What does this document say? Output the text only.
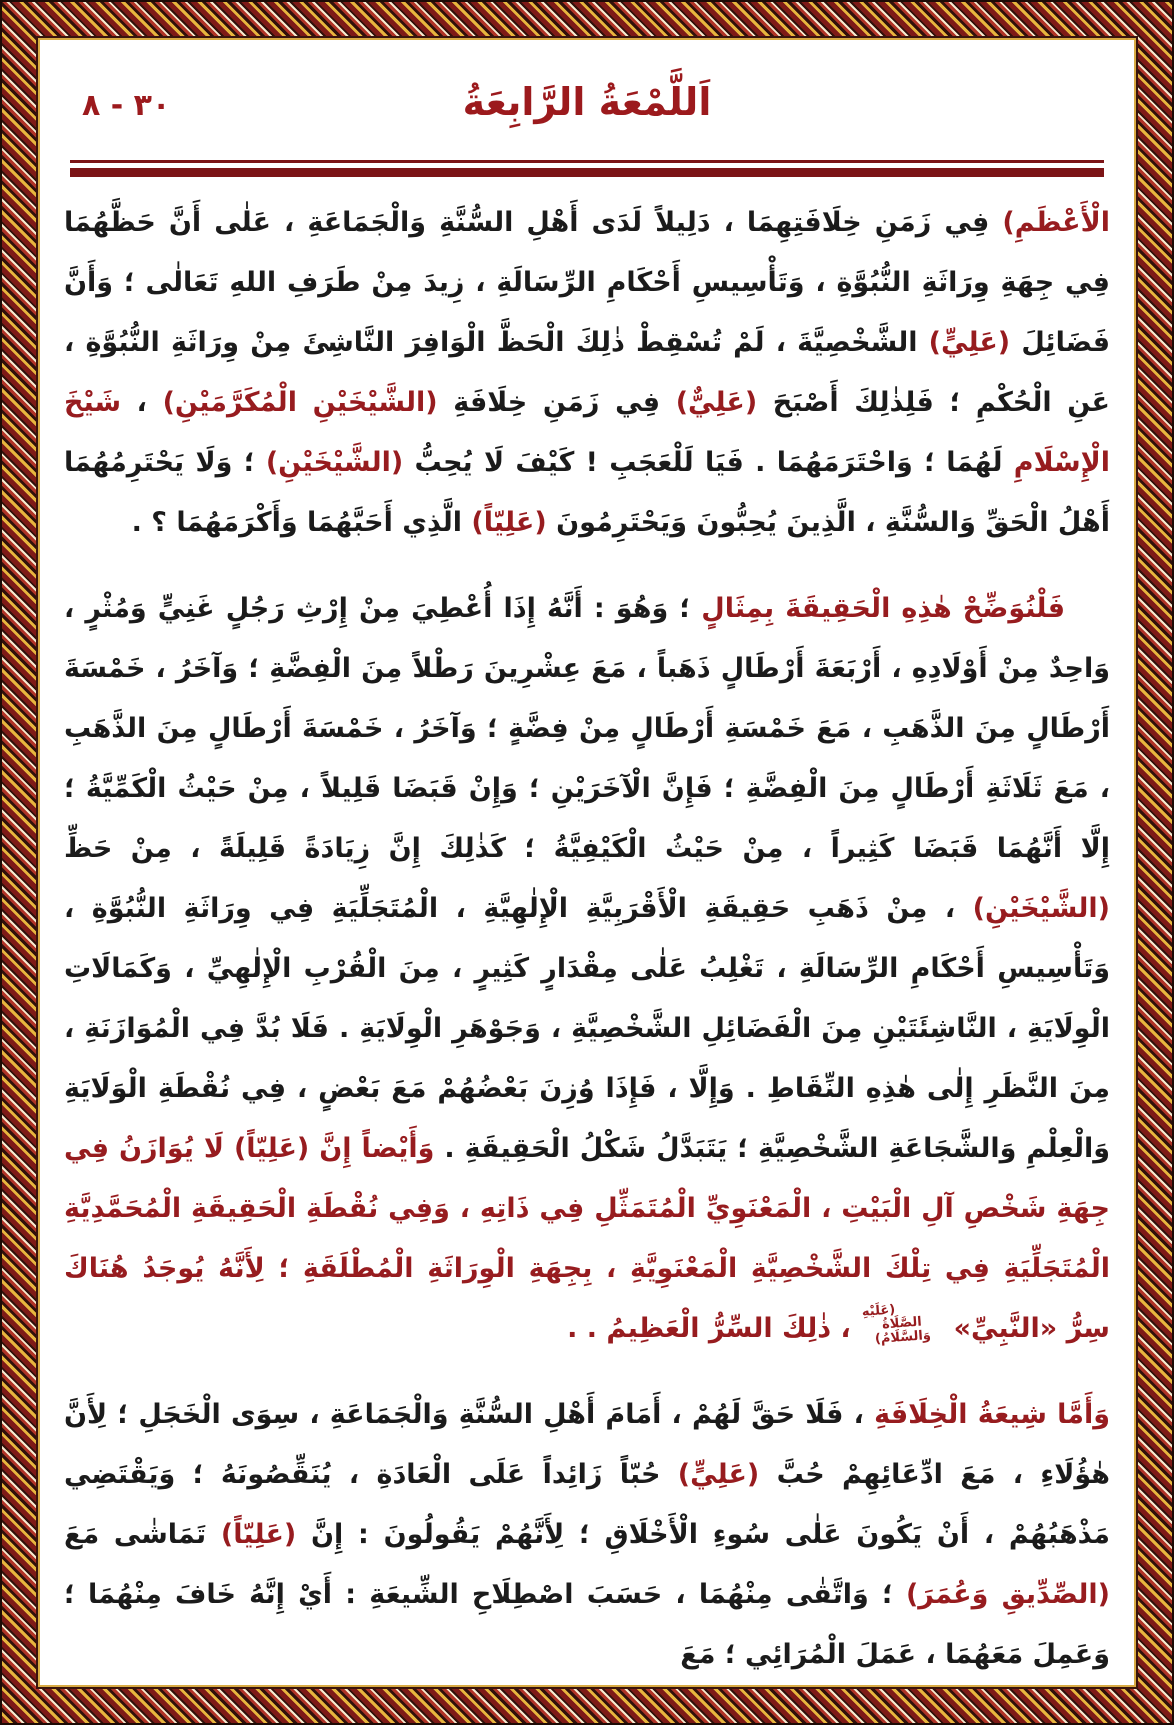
اَللَّمْعَةُ الرَّابِعَةُ
٣٠ - ٨

الْأَعْظَمِ) فِي زَمَنِ خِلَافَتِهِمَا ، دَلِيلاً لَدَى أَهْلِ السُّنَّةِ وَالْجَمَاعَةِ ، عَلٰى أَنَّ حَظَّهُمَا فِي جِهَةِ وِرَاثَةِ النُّبُوَّةِ ، وَتَأْسِيسِ أَحْكَامِ الرِّسَالَةِ ، زِيدَ مِنْ طَرَفِ اللهِ تَعَالٰى ؛ وَأَنَّ فَضَائِلَ (عَلِيٍّ) الشَّخْصِيَّةَ ، لَمْ تُسْقِطْ ذٰلِكَ الْحَظَّ الْوَافِرَ النَّاشِئَ مِنْ وِرَاثَةِ النُّبُوَّةِ ، عَنِ الْحُكْمِ ؛ فَلِذٰلِكَ أَصْبَحَ (عَلِيٌّ) فِي زَمَنِ خِلَافَةِ (الشَّيْخَيْنِ الْمُكَرَّمَيْنِ) ، شَيْخَ الْإِسْلَامِ لَهُمَا ؛ وَاحْتَرَمَهُمَا . فَيَا لَلْعَجَبِ ! كَيْفَ لَا يُحِبُّ (الشَّيْخَيْنِ) ؛ وَلَا يَحْتَرِمُهُمَا أَهْلُ الْحَقِّ وَالسُّنَّةِ ، الَّذِينَ يُحِبُّونَ وَيَحْتَرِمُونَ (عَلِيّاً) الَّذِي أَحَبَّهُمَا وَأَكْرَمَهُمَا ؟ .

فَلْنُوَضِّحْ هٰذِهِ الْحَقِيقَةَ بِمِثَالٍ ؛ وَهُوَ : أَنَّهُ إِذَا أُعْطِيَ مِنْ إِرْثِ رَجُلٍ غَنِيٍّ وَمُثْرٍ ، وَاحِدٌ مِنْ أَوْلَادِهِ ، أَرْبَعَةَ أَرْطَالٍ ذَهَباً ، مَعَ عِشْرِينَ رَطْلاً مِنَ الْفِضَّةِ ؛ وَآخَرُ ، خَمْسَةَ أَرْطَالٍ مِنَ الذَّهَبِ ، مَعَ خَمْسَةِ أَرْطَالٍ مِنْ فِضَّةٍ ؛ وَآخَرُ ، خَمْسَةَ أَرْطَالٍ مِنَ الذَّهَبِ ، مَعَ ثَلَاثَةِ أَرْطَالٍ مِنَ الْفِضَّةِ ؛ فَإِنَّ الْآخَرَيْنِ ؛ وَإِنْ قَبَضَا قَلِيلاً ، مِنْ حَيْثُ الْكَمِّيَّةُ ؛ إِلَّا أَنَّهُمَا قَبَضَا كَثِيراً ، مِنْ حَيْثُ الْكَيْفِيَّةُ ؛ كَذٰلِكَ إِنَّ زِيَادَةً قَلِيلَةً ، مِنْ حَظِّ (الشَّيْخَيْنِ) ، مِنْ ذَهَبِ حَقِيقَةِ الْأَقْرَبِيَّةِ الْإِلٰهِيَّةِ ، الْمُتَجَلِّيَةِ فِي وِرَاثَةِ النُّبُوَّةِ ، وَتَأْسِيسِ أَحْكَامِ الرِّسَالَةِ ، تَغْلِبُ عَلٰى مِقْدَارٍ كَثِيرٍ ، مِنَ الْقُرْبِ الْإِلٰهِيِّ ، وَكَمَالَاتِ الْوِلَايَةِ ، النَّاشِئَتَيْنِ مِنَ الْفَضَائِلِ الشَّخْصِيَّةِ ، وَجَوْهَرِ الْوِلَايَةِ . فَلَا بُدَّ فِي الْمُوَازَنَةِ ، مِنَ النَّظَرِ إِلٰى هٰذِهِ النِّقَاطِ . وَإِلَّا ، فَإِذَا وُزِنَ بَعْضُهُمْ مَعَ بَعْضٍ ، فِي نُقْطَةِ الْوَلَايَةِ وَالْعِلْمِ وَالشَّجَاعَةِ الشَّخْصِيَّةِ ؛ يَتَبَدَّلُ شَكْلُ الْحَقِيقَةِ . وَأَيْضاً إِنَّ (عَلِيّاً) لَا يُوَازَنُ فِي جِهَةِ شَخْصِ آلِ الْبَيْتِ ، الْمَعْنَوِيِّ الْمُتَمَثِّلِ فِي ذَاتِهِ ، وَفِي نُقْطَةِ الْحَقِيقَةِ الْمُحَمَّدِيَّةِ الْمُتَجَلِّيَةِ فِي تِلْكَ الشَّخْصِيَّةِ الْمَعْنَوِيَّةِ ، بِجِهَةِ الْوِرَاثَةِ الْمُطْلَقَةِ ؛ لِأَنَّهُ يُوجَدُ هُنَاكَ سِرُّ «النَّبِيِّ» (عَلَيْهِ الصَّلَاةُ وَالسَّلَامُ) ، ذٰلِكَ السِّرُّ الْعَظِيمُ . .

وَأَمَّا شِيعَةُ الْخِلَافَةِ ، فَلَا حَقَّ لَهُمْ ، أَمَامَ أَهْلِ السُّنَّةِ وَالْجَمَاعَةِ ، سِوَى الْخَجَلِ ؛ لِأَنَّ هٰؤُلَاءِ ، مَعَ ادِّعَائِهِمْ حُبَّ (عَلِيٍّ) حُبّاً زَائِداً عَلَى الْعَادَةِ ، يُنَقِّصُونَهُ ؛ وَيَقْتَضِي مَذْهَبُهُمْ ، أَنْ يَكُونَ عَلٰى سُوءِ الْأَخْلَاقِ ؛ لِأَنَّهُمْ يَقُولُونَ : إِنَّ (عَلِيّاً) تَمَاشٰى مَعَ (الصِّدِّيقِ وَعُمَرَ) ؛ وَاتَّقٰى مِنْهُمَا ، حَسَبَ اصْطِلَاحِ الشِّيعَةِ : أَيْ إِنَّهُ خَافَ مِنْهُمَا ؛ وَعَمِلَ مَعَهُمَا ، عَمَلَ الْمُرَائِي ؛ مَعَ
